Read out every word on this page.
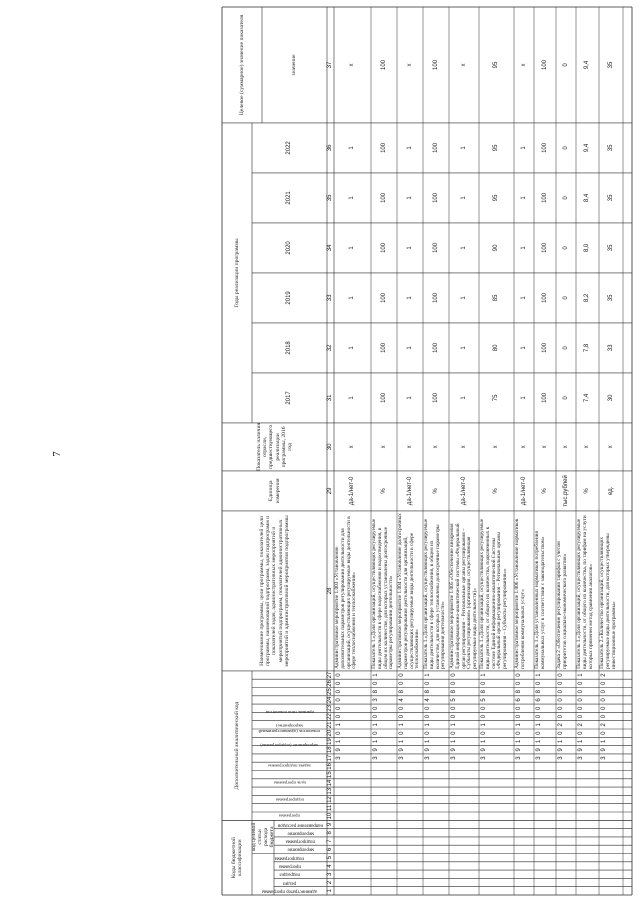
7
Коды бюджетной классификации
Дополнительный аналитический код
код целевой статьи расхода бюджета
Наименование программы, цели программы, показателей цели программы, наименований подпрограмм, задач подпрограмм и показателей задач, административных мероприятий и мероприятий подпрограмм, показателей административных мероприятий и административной мероприятия подпрограммы
Единица измерения
Показатель наличия отрасли, предшествующего реализации программы, 2016 год
Годы реализации программы
Целевое (суммарное) значение показателя	значение
2017
2018
2019
2020
2021
2022
администратор программы
раздел
подраздел
программа
подпрограмма
мероприятие
подпрограмма
мероприятие
направление расходов
программа
подпрограмма
цель программы
задача подпрограммы
мероприятие (подпрограмма)
показатель (административный мероприятие)
признак типа показателя
1
2
3
4
5
6
7
8
9
10
11
12
13
14
15
16
17
18
19
20
21
22
23
24
25
26
27
28
29
30
31
32
33
34
35
36
37
3
9
1
0
1
0
0
0
0
0
0
Административное мероприятие 1.003 «Установление дополнительных параметров регулирования деятельности для организаций, осуществляющих регулируемые виды деятельности в сфере теплоснабжения и теплоснабжения»
да-1/нет-0
х
1
1
1
1
1
1
х
3
9
1
0
1
0
0
3
8
0
1
Показатель 1.«Доля организаций, осуществляющих регулируемые виды деятельности в сфере водоснабжения и водоотведения, в общем их количестве, для которых установлены долгосрочные параметры регулирования деятельности»
%
х
100
100
100
100
100
100
100
3
9
1
0
1
0
0
4
8
0
0
Административное мероприятие 1.004 «Установление долгосрочных параметров регулирования деятельности для организаций, осуществляющих регулируемые виды деятельности в сфере теплоснабжения»
да-1/нет-0
х
1
1
1
1
1
1
х
3
9
1
0
1
0
0
4
8
0
1
Показатель 1.«Доля организаций, осуществляющих регулируемые виды деятельности в сфере теплоснабжения, в общем их количестве, для которых установлены долгосрочные параметры регулирования деятельности»
%
х
100
100
100
100
100
100
100
3
9
1
0
1
0
0
5
8
0
0
Административное мероприятие 1.005 «Обеспечение внедрения Единой информационно-аналитической системы «Федеральный орган регулирования – Региональные органы регулирования – Субъекты регулирования» (организация, осуществляющая регулируемые виды деятельности)»
да-1/нет-0
х
1
1
1
1
1
1
х
3
9
1
0
1
0
0
5
8
0
1
Показатель 1.«Доля организаций, осуществляющих регулируемые виды деятельности, от общего их количества, подключенных к системе Единой информационно-аналитической Системы «Федеральный орган регулирования – Региональные органы регулирования – Субъекты регулирования»»
%
х
75
80
85
90
95
95
95
3
9
1
0
1
0
0
6
8
0
0
Административное мероприятие 1.006 «Установление нормативов потребления коммунальных услуг»
да-1/нет-0
х
1
1
1
1
1
1
х
3
9
1
0
1
0
0
6
8
0
1
Показатель 1.«Доля установленных нормативов потребления коммунальных услуг в соответствии с законодательством»
%
х
100
100
100
100
100
100
100
3
9
1
0
2
0
0
0
0
0
0
Задача 2 «Обеспечение регулирования тарифов с учетом приоритетов социально-экономического развития»
тыс.рублей
х
0
0
0
0
0
0
0
3
9
1
0
2
0
0
0
0
0
1
Показатель 1.«Доля организаций, осуществляющих регулируемые виды деятельности, от общего их количества, по тарифам на услуги которых применен метод сравнения аналогов»
%
х
7,4
7,8
8,2
8,0
8,4
9,4
9,4
3
9
1
0
2
0
0
0
0
0
2
Показатель 2.«Количество организаций, осуществляющих регулируемые виды деятельности, для которых утверждены инвестиционные программы»
ед.
х
30
33
35
35
35
35
35
